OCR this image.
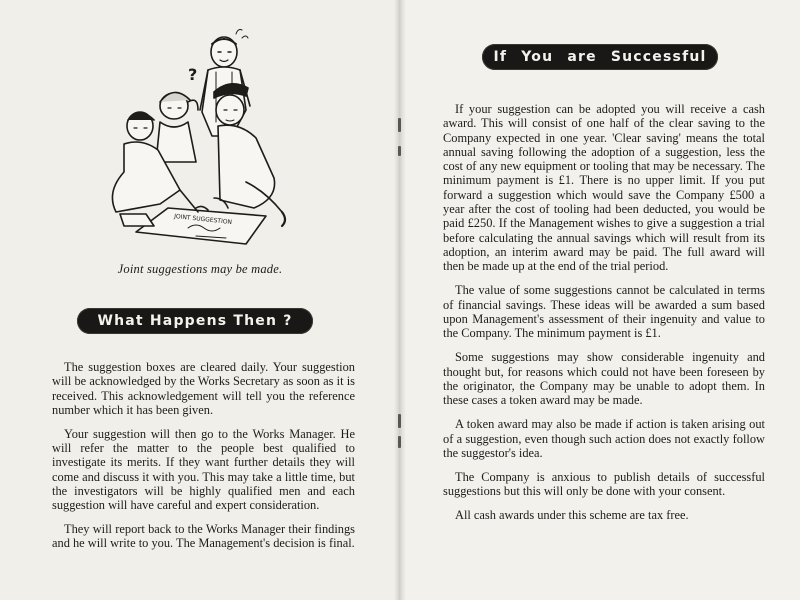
?
JOINT SUGGESTION
Joint suggestions may be made.
What Happens Then ?

The suggestion boxes are cleared daily. Your suggestion will be acknowledged by the Works Secretary as soon as it is received. This acknowledgement will tell you the reference number which it has been given.

Your suggestion will then go to the Works Manager. He will refer the matter to the people best qualified to investigate its merits. If they want further details they will come and discuss it with you. This may take a little time, but the investigators will be highly qualified men and each suggestion will have careful and expert consideration.

They will report back to the Works Manager their findings and he will write to you. The Management's decision is final.

If You are Successful

If your suggestion can be adopted you will receive a cash award. This will consist of one half of the clear saving to the Company expected in one year. 'Clear saving' means the total annual saving following the adoption of a suggestion, less the cost of any new equipment or tooling that may be necessary. The minimum payment is £1. There is no upper limit. If you put forward a suggestion which would save the Company £500 a year after the cost of tooling had been deducted, you would be paid £250. If the Management wishes to give a suggestion a trial before calculating the annual savings which will result from its adoption, an interim award may be paid. The full award will then be made up at the end of the trial period.

The value of some suggestions cannot be calculated in terms of financial savings. These ideas will be awarded a sum based upon Management's assessment of their ingenuity and value to the Company. The minimum payment is £1.

Some suggestions may show considerable ingenuity and thought but, for reasons which could not have been foreseen by the originator, the Company may be unable to adopt them. In these cases a token award may be made.

A token award may also be made if action is taken arising out of a suggestion, even though such action does not exactly follow the suggestor's idea.

The Company is anxious to publish details of successful suggestions but this will only be done with your consent.

All cash awards under this scheme are tax free.
